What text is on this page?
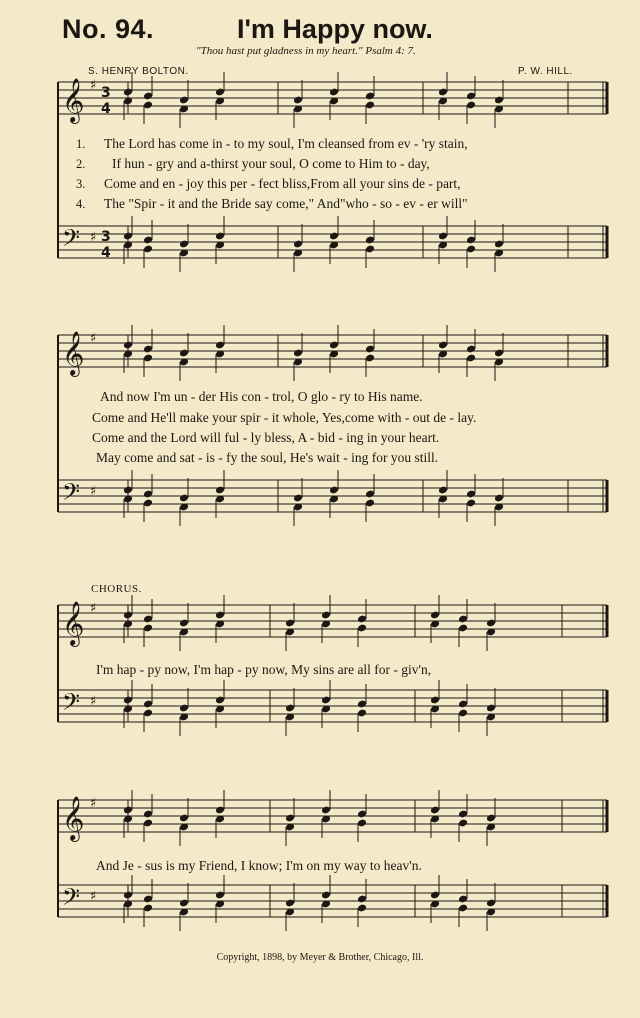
𝄞 ♯ 3
4
𝄢 ♯ 3
4
𝄞 ♯
𝄢 ♯
𝄞 ♯
𝄢 ♯
𝄞 ♯
𝄢 ♯
No. 94.	I'm Happy now.
"Thou hast put gladness in my heart." Psalm 4: 7.
S. HENRY BOLTON.	P. W. HILL.
1.
2.
3.
4.
The Lord has come in - to my soul, I'm cleansed from ev - 'ry stain,
If hun - gry and a-thirst your soul, O come to Him to - day,
Come and en - joy this per - fect bliss,From all your sins de - part,
The "Spir - it and the Bride say come," And"who - so - ev - er will"
And now I'm un - der His con - trol, O glo - ry to His name.
Come and He'll make your spir - it whole, Yes,come with - out de - lay.
Come and the Lord will ful - ly bless, A - bid - ing in your heart.
May come and sat - is - fy the soul, He's wait - ing for you still.
CHORUS.
I'm hap - py now, I'm hap - py now, My sins are all for - giv'n,
And Je - sus is my Friend, I know; I'm on my way to heav'n.
Copyright, 1898, by Meyer & Brother, Chicago, Ill.
